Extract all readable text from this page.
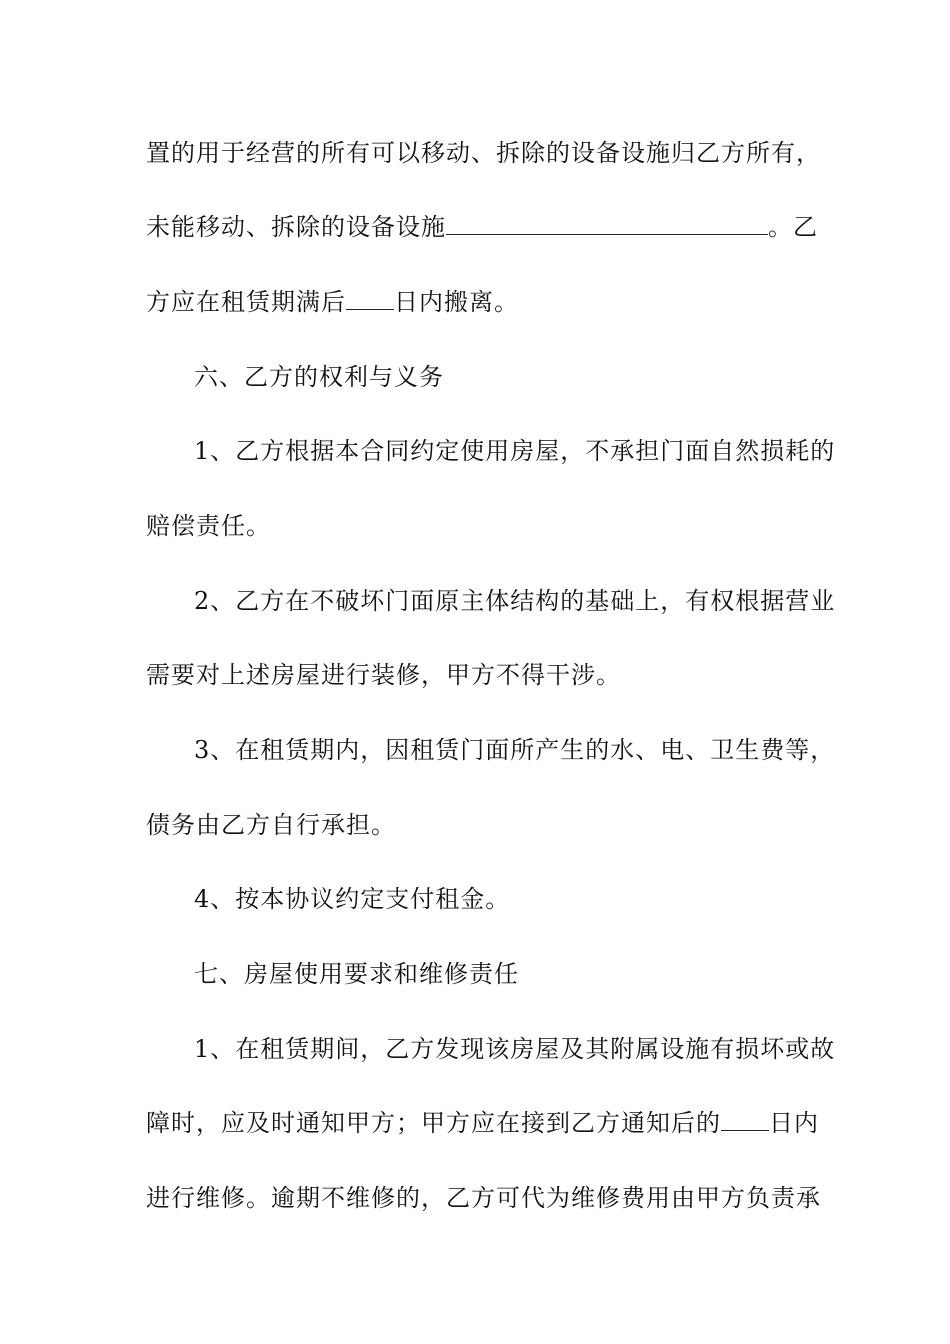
置的用于经营的所有可以移动、拆除的设备设施归乙方所有，
未能移动、拆除的设备设施	。乙
方应在租赁期满后 日内搬离。
六、乙方的权利与义务
1、乙方根据本合同约定使用房屋，不承担门面自然损耗的
赔偿责任。
2、乙方在不破坏门面原主体结构的基础上，有权根据营业
需要对上述房屋进行装修，甲方不得干涉。
3、在租赁期内，因租赁门面所产生的水、电、卫生费等，
债务由乙方自行承担。
4、按本协议约定支付租金。
七、房屋使用要求和维修责任
1、在租赁期间，乙方发现该房屋及其附属设施有损坏或故
障时，应及时通知甲方；甲方应在接到乙方通知后的 日内
进行维修。逾期不维修的，乙方可代为维修费用由甲方负责承
